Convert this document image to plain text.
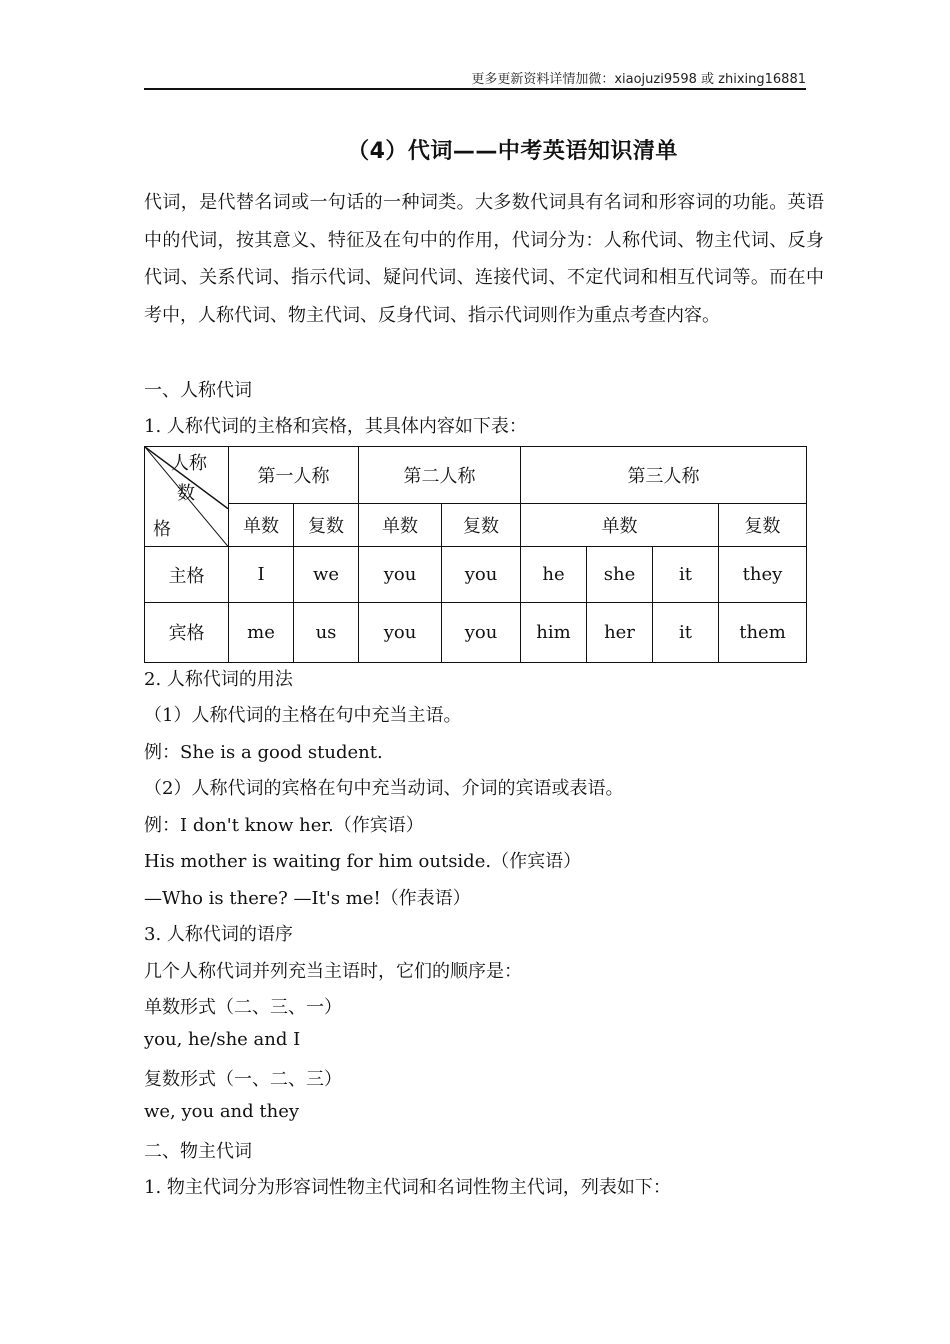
更多更新资料详情加微：xiaojuzi9598 或 zhixing16881
（4）代词——中考英语知识清单
代词，是代替名词或一句话的一种词类。大多数代词具有名词和形容词的功能。英语中的代词，按其意义、特征及在句中的作用，代词分为：人称代词、物主代词、反身代词、关系代词、指示代词、疑问代词、连接代词、不定代词和相互代词等。而在中考中，人称代词、物主代词、反身代词、指示代词则作为重点考查内容。
一、人称代词
1. 人称代词的主格和宾格，其具体内容如下表：
人称
数
格	第一人称		第二人称		第三人称			
	单数	复数	单数	复数	单数			复数
主格	I	we	you	you	he	she	it	they
宾格	me	us	you	you	him	her	it	them
2. 人称代词的用法
（1）人称代词的主格在句中充当主语。
例：She is a good student.
（2）人称代词的宾格在句中充当动词、介词的宾语或表语。
例：I don't know her.（作宾语）
His mother is waiting for him outside.（作宾语）
—Who is there? —It's me!（作表语）
3. 人称代词的语序
几个人称代词并列充当主语时，它们的顺序是：
单数形式（二、三、一）
you, he/she and I
复数形式（一、二、三）
we, you and they
二、物主代词
1. 物主代词分为形容词性物主代词和名词性物主代词，列表如下：
